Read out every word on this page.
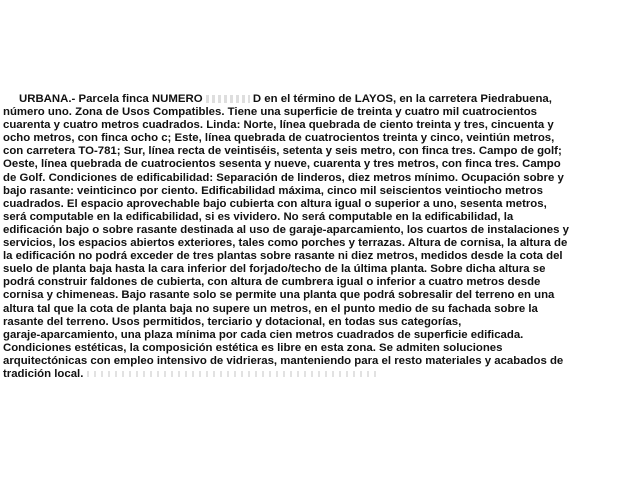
URBANA.- Parcela finca NUMERO	D en el término de LAYOS, en la carretera Piedrabuena,
número uno. Zona de Usos Compatibles. Tiene una superficie de treinta y cuatro mil cuatrocientos
cuarenta y cuatro metros cuadrados. Linda: Norte, línea quebrada de ciento treinta y tres, cincuenta y
ocho metros, con finca ocho c; Este, línea quebrada de cuatrocientos treinta y cinco, veintiún metros,
con carretera TO-781; Sur, línea recta de veintiséis, setenta y seis metro, con finca tres. Campo de golf;
Oeste, línea quebrada de cuatrocientos sesenta y nueve, cuarenta y tres metros, con finca tres. Campo
de Golf. Condiciones de edificabilidad: Separación de linderos, diez metros mínimo. Ocupación sobre y
bajo rasante: veinticinco por ciento. Edificabilidad máxima, cinco mil seiscientos veintiocho metros
cuadrados. El espacio aprovechable bajo cubierta con altura igual o superior a uno, sesenta metros,
será computable en la edificabilidad, si es vividero. No será computable en la edificabilidad, la
edificación bajo o sobre rasante destinada al uso de garaje-aparcamiento, los cuartos de instalaciones y
servicios, los espacios abiertos exteriores, tales como porches y terrazas. Altura de cornisa, la altura de
la edificación no podrá exceder de tres plantas sobre rasante ni diez metros, medidos desde la cota del
suelo de planta baja hasta la cara inferior del forjado/techo de la última planta. Sobre dicha altura se
podrá construir faldones de cubierta, con altura de cumbrera igual o inferior a cuatro metros desde
cornisa y chimeneas. Bajo rasante solo se permite una planta que podrá sobresalir del terreno en una
altura tal que la cota de planta baja no supere un metros, en el punto medio de su fachada sobre la
rasante del terreno. Usos permitidos, terciario y dotacional, en todas sus categorías,
garaje-aparcamiento, una plaza mínima por cada cien metros cuadrados de superficie edificada.
Condiciones estéticas, la composición estética es libre en esta zona. Se admiten soluciones
arquitectónicas con empleo intensivo de vidrieras, manteniendo para el resto materiales y acabados de
tradición local.
